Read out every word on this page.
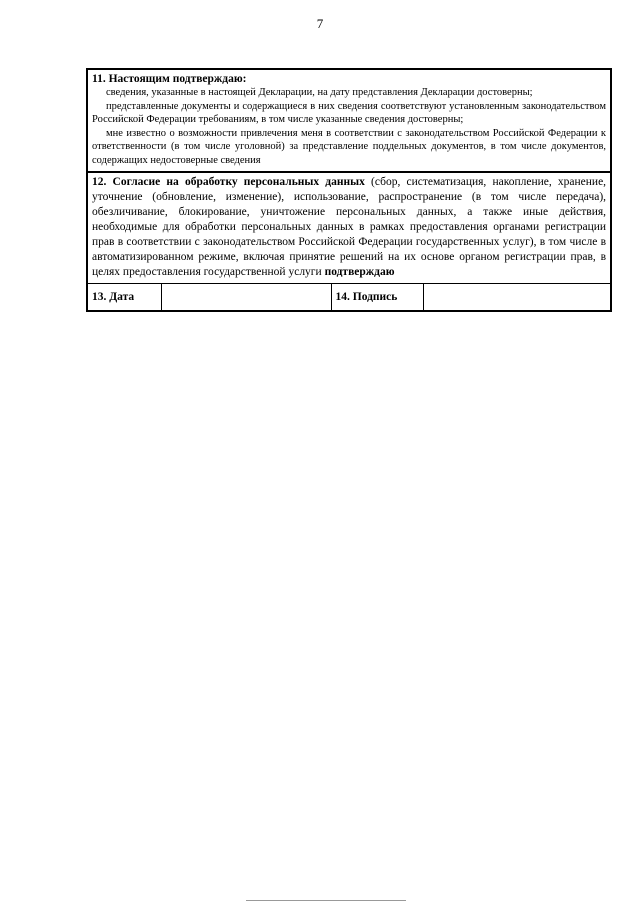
7
11. Настоящим подтверждаю:

сведения, указанные в настоящей Декларации, на дату представления Декларации достоверны;

представленные документы и содержащиеся в них сведения соответствуют установленным законодательством Российской Федерации требованиям, в том числе указанные сведения достоверны;

мне известно о возможности привлечения меня в соответствии с законодательством Российской Федерации к ответственности (в том числе уголовной) за представление поддельных документов, в том числе документов, содержащих недостоверные сведения

12. Согласие на обработку персональных данных (сбор, систематизация, накопление, хранение, уточнение (обновление, изменение), использование, распространение (в том числе передача), обезличивание, блокирование, уничтожение персональных данных, а также иные действия, необходимые для обработки персональных данных в рамках предоставления органами регистрации прав в соответствии с законодательством Российской Федерации государственных услуг), в том числе в автоматизированном режиме, включая принятие решений на их основе органом регистрации прав, в целях предоставления государственной услуги подтверждаю
13. Дата		14. Подпись	
